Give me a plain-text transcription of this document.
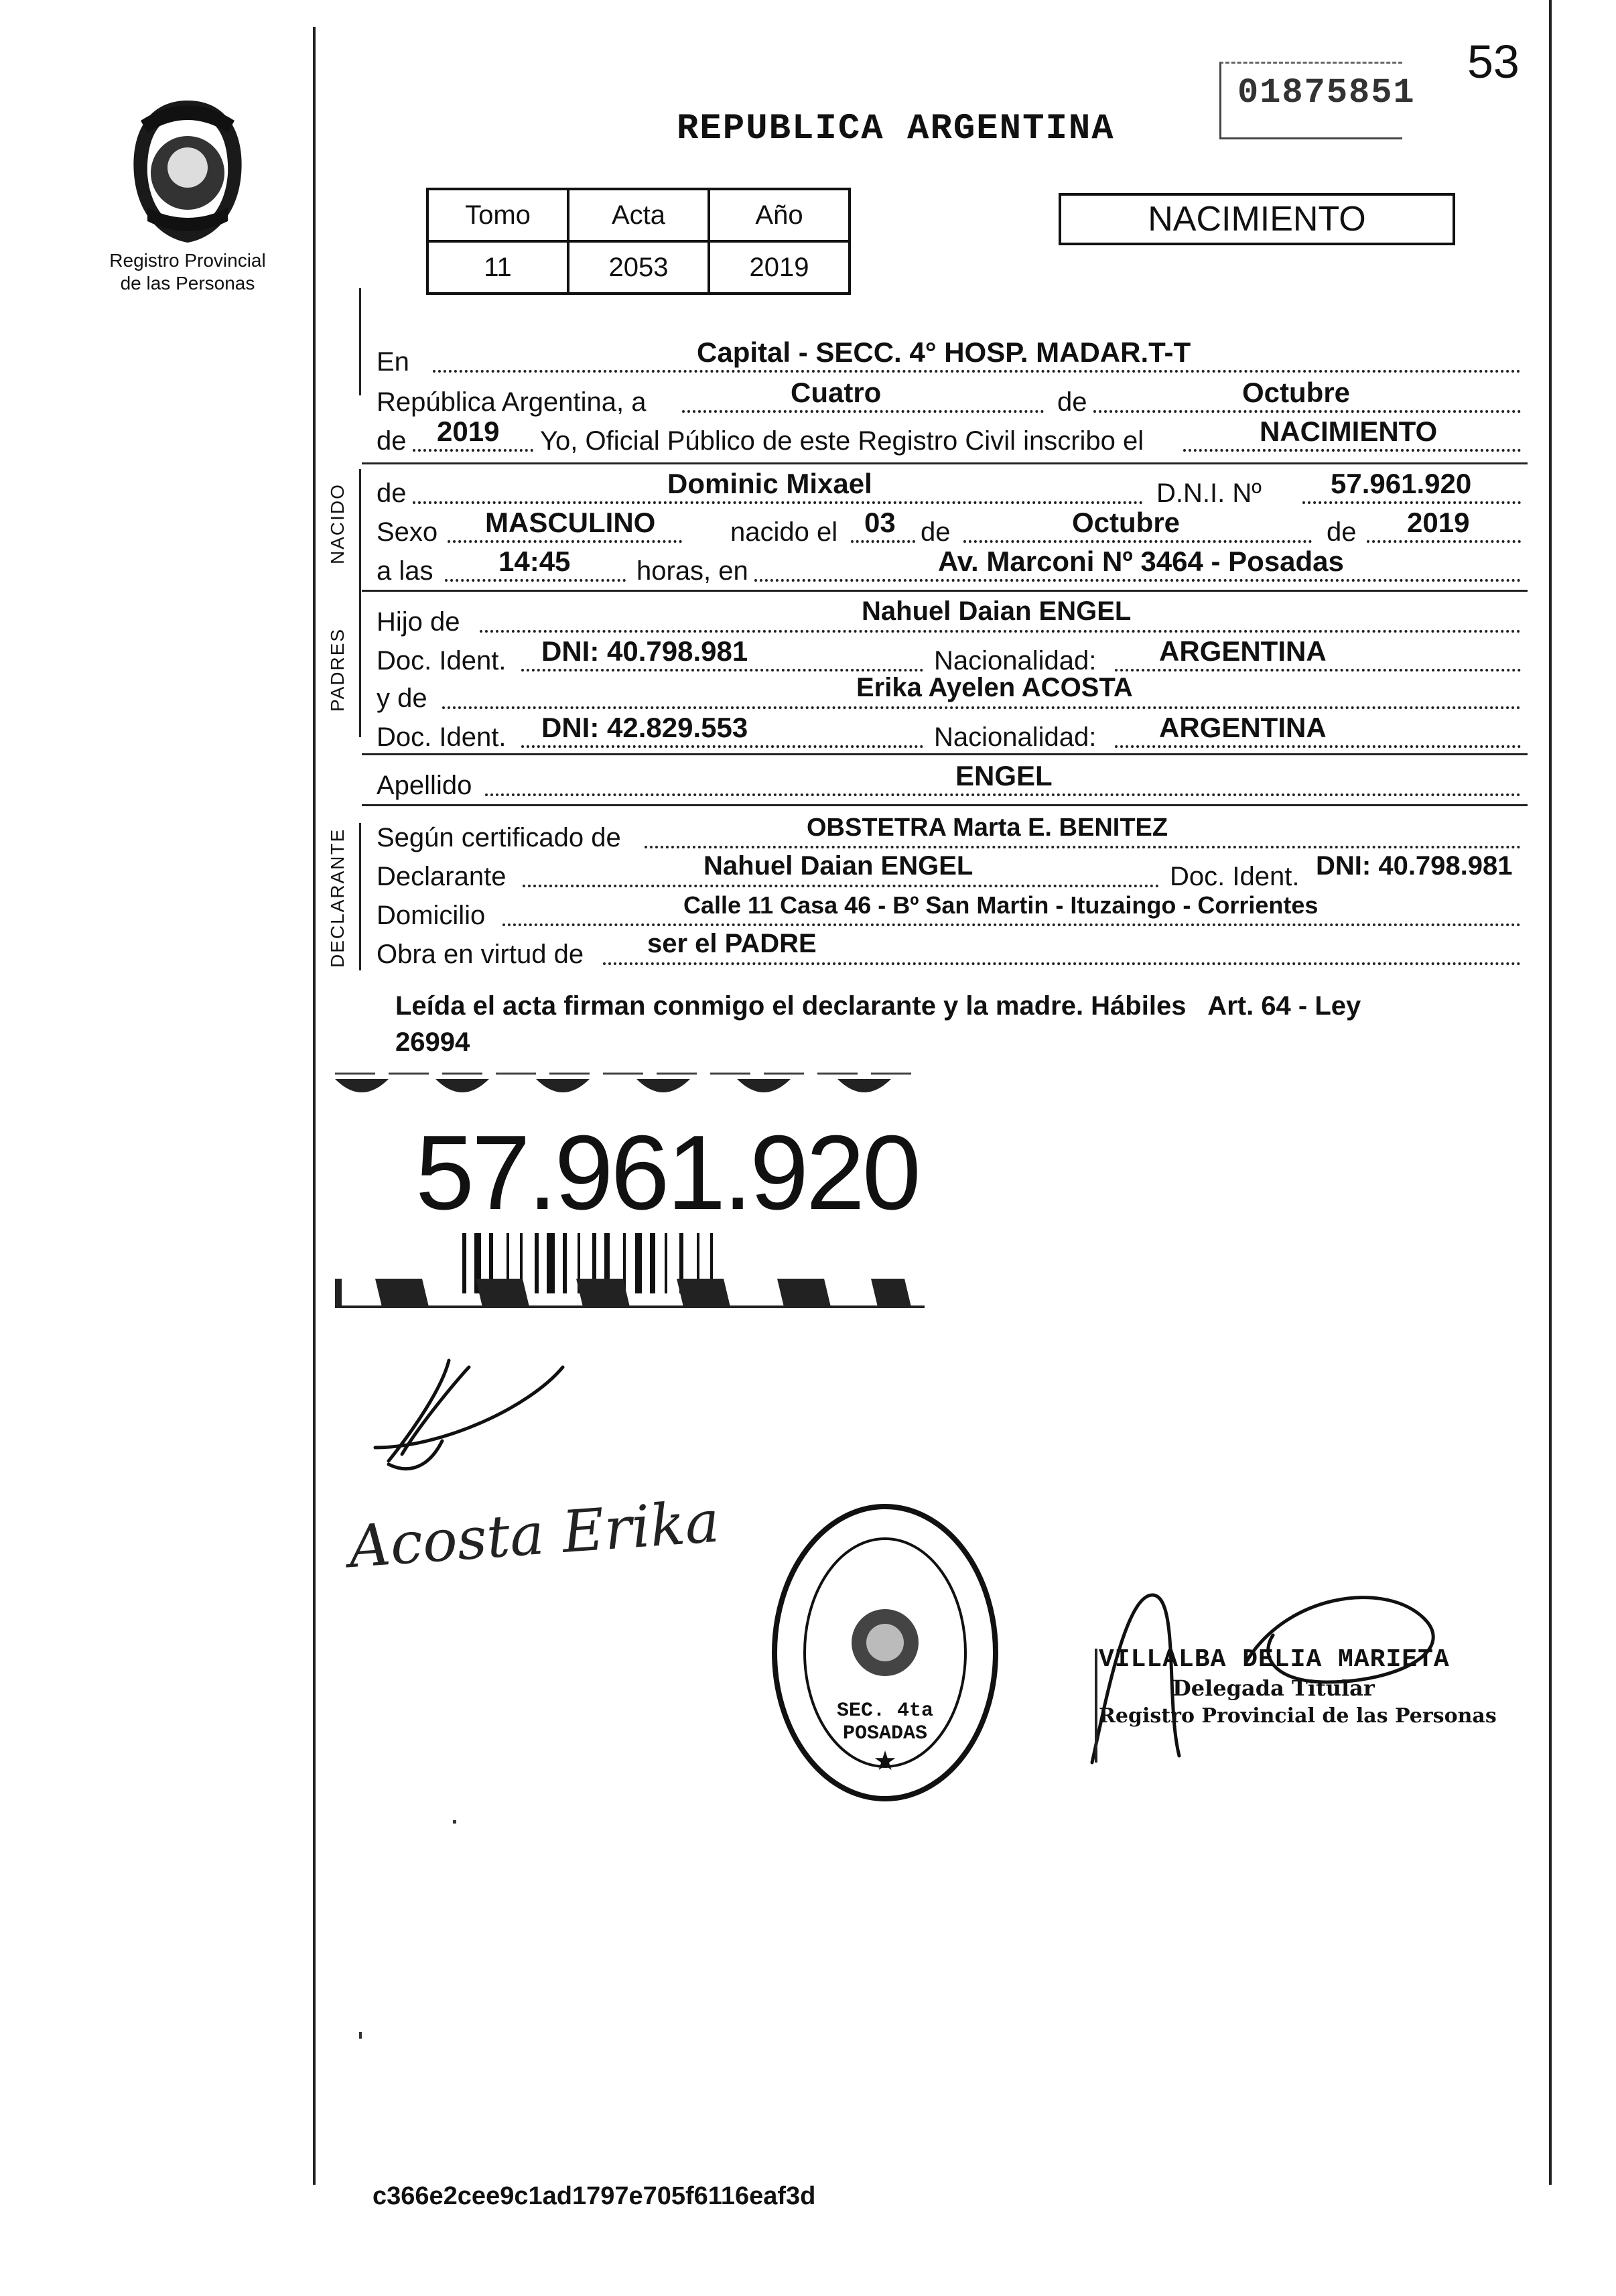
53
01875851
Registro Provincial
de las Personas
REPUBLICA ARGENTINA
Tomo	Acta	Año
11	2053	2019
NACIMIENTO
En	Capital - SECC. 4° HOSP. MADAR.T-T
República Argentina, a	Cuatro	de	Octubre
de 2019 Yo, Oficial Público de este Registro Civil inscribo el	NACIMIENTO
NACIDO de	Dominic Mixael	D.N.I. Nº 57.961.920
Sexo MASCULINO	nacido el 03 de	Octubre	de 2019
a las 14:45 horas, en	Av. Marconi Nº 3464 - Posadas
PADRES
Hijo de	Nahuel Daian ENGEL
Doc. Ident. DNI: 40.798.981	Nacionalidad: ARGENTINA
y de	Erika Ayelen ACOSTA
Doc. Ident. DNI: 42.829.553	Nacionalidad: ARGENTINA
Apellido	ENGEL
DECLARANTE Según certificado de	OBSTETRA Marta E. BENITEZ
Declarante	Nahuel Daian ENGEL	Doc. Ident. DNI: 40.798.981
Domicilio	Calle 11 Casa 46 - Bº San Martin - Ituzaingo - Corrientes
Obra en virtud de ser el PADRE
Leída el acta firman conmigo el declarante y la madre. Hábiles   Art. 64 - Ley
26994
57.961.920
Acosta Erika
★
SEC. 4ta POSADAS
VILLALBA DELIA MARIETA
Delegada Titular
Registro Provincial de las Personas
c366e2cee9c1ad1797e705f6116eaf3d
